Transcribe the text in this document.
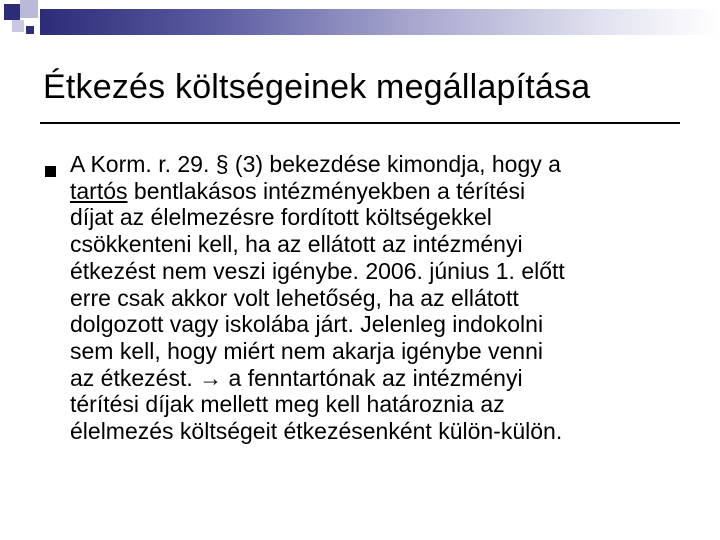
Étkezés költségeinek megállapítása
A Korm. r. 29. § (3) bekezdése kimondja, hogy a
tartós bentlakásos intézményekben a térítési
díjat az élelmezésre fordított költségekkel
csökkenteni kell, ha az ellátott az intézményi
étkezést nem veszi igénybe. 2006. június 1. előtt
erre csak akkor volt lehetőség, ha az ellátott
dolgozott vagy iskolába járt. Jelenleg indokolni
sem kell, hogy miért nem akarja igénybe venni
az étkezést. → a fenntartónak az intézményi
térítési díjak mellett meg kell határoznia az
élelmezés költségeit étkezésenként külön-külön.
